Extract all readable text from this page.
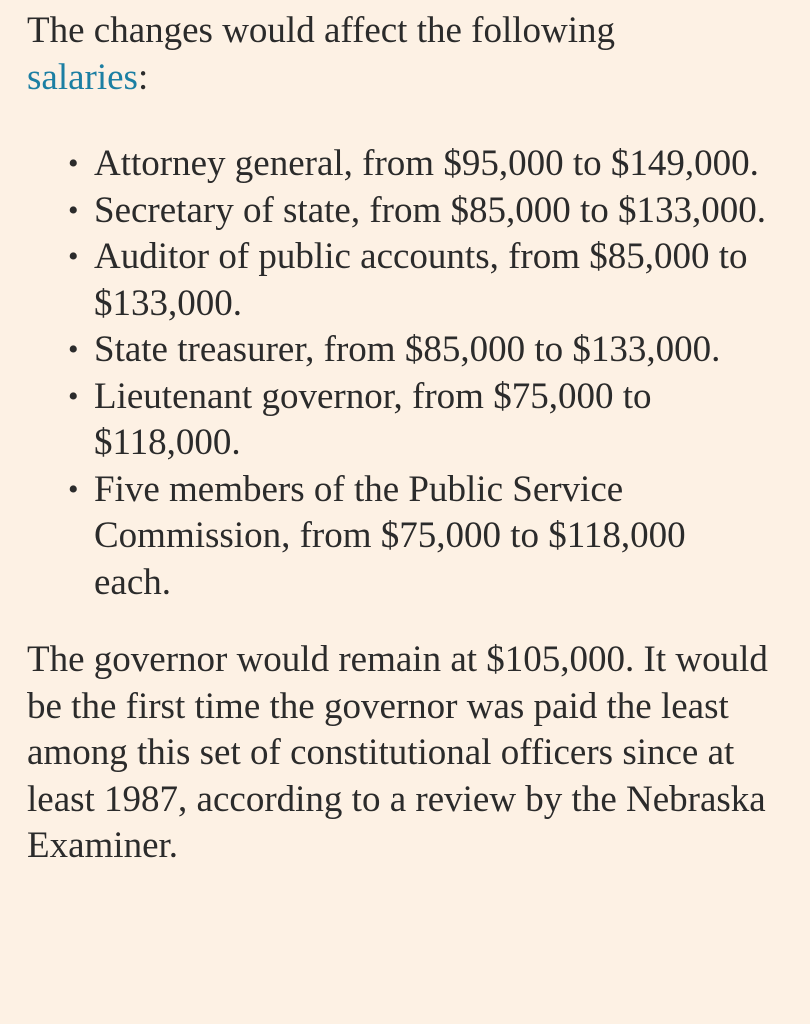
The changes would affect the following
salaries:

• Attorney general, from $95,000 to $149,000.
• Secretary of state, from $85,000 to $133,000.
• Auditor of public accounts, from $85,000 to $133,000.
• State treasurer, from $85,000 to $133,000.
• Lieutenant governor, from $75,000 to $118,000.
• Five members of the Public Service Commission, from $75,000 to $118,000 each.

The governor would remain at $105,000. It would be the first time the governor was paid the least among this set of constitutional officers since at least 1987, according to a review by the Nebraska Examiner.
